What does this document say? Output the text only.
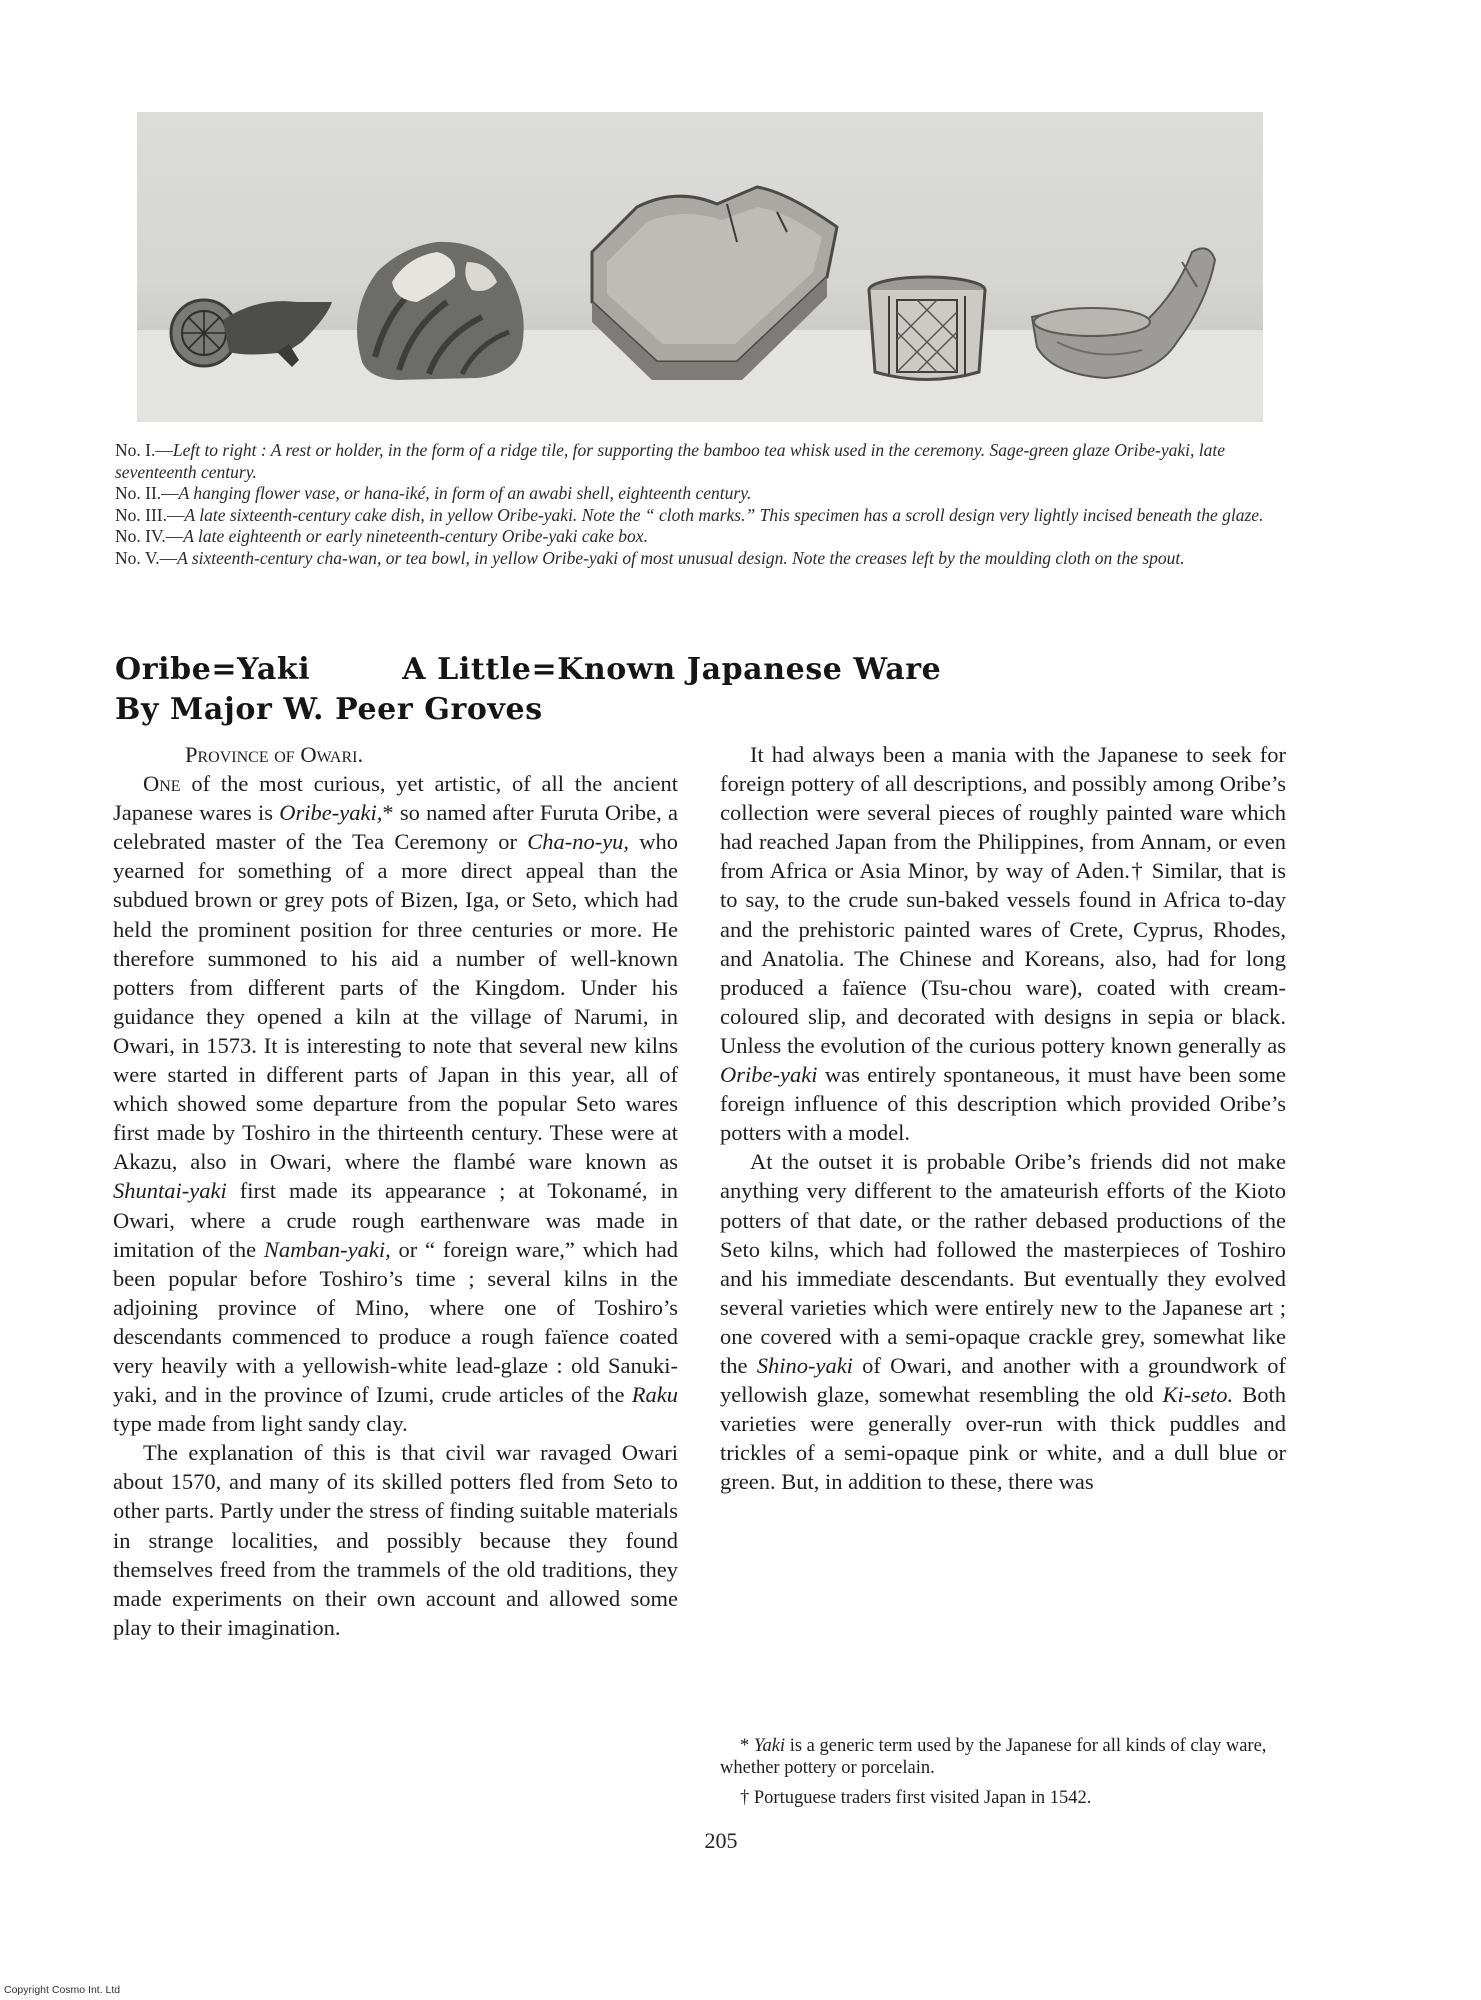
No. I.—Left to right : A rest or holder, in the form of a ridge tile, for supporting the bamboo tea whisk used in the ceremony. Sage-green glaze Oribe-yaki, late seventeenth century.

No. II.—A hanging flower vase, or hana-iké, in form of an awabi shell, eighteenth century.

No. III.—A late sixteenth-century cake dish, in yellow Oribe-yaki. Note the “ cloth marks.” This specimen has a scroll design very lightly incised beneath the glaze.

No. IV.—A late eighteenth or early nineteenth-century Oribe-yaki cake box.

No. V.—A sixteenth-century cha-wan, or tea bowl, in yellow Oribe-yaki of most unusual design. Note the creases left by the moulding cloth on the spout.

Oribe=Yaki	A Little=Known Japanese Ware
By Major W. Peer Groves

Province of Owari.

One of the most curious, yet artistic, of all the ancient Japanese wares is Oribe-yaki,* so named after Furuta Oribe, a celebrated master of the Tea Ceremony or Cha-no-yu, who yearned for something of a more direct appeal than the subdued brown or grey pots of Bizen, Iga, or Seto, which had held the prominent position for three centuries or more. He therefore summoned to his aid a number of well-known potters from different parts of the Kingdom. Under his guidance they opened a kiln at the village of Narumi, in Owari, in 1573. It is interesting to note that several new kilns were started in different parts of Japan in this year, all of which showed some departure from the popular Seto wares first made by Toshiro in the thirteenth century. These were at Akazu, also in Owari, where the flambé ware known as Shuntai-yaki first made its appearance ; at Tokonamé, in Owari, where a crude rough earthenware was made in imitation of the Namban-yaki, or “ foreign ware,” which had been popular before Toshiro’s time ; several kilns in the adjoining province of Mino, where one of Toshiro’s descendants commenced to produce a rough faïence coated very heavily with a yellowish-white lead-glaze : old Sanuki-yaki, and in the province of Izumi, crude articles of the Raku type made from light sandy clay.

The explanation of this is that civil war ravaged Owari about 1570, and many of its skilled potters fled from Seto to other parts. Partly under the stress of finding suitable materials in strange localities, and possibly because they found themselves freed from the trammels of the old traditions, they made experiments on their own account and allowed some play to their imagination.

It had always been a mania with the Japanese to seek for foreign pottery of all descriptions, and possibly among Oribe’s collection were several pieces of roughly painted ware which had reached Japan from the Philippines, from Annam, or even from Africa or Asia Minor, by way of Aden.† Similar, that is to say, to the crude sun-baked vessels found in Africa to-day and the prehistoric painted wares of Crete, Cyprus, Rhodes, and Anatolia. The Chinese and Koreans, also, had for long produced a faïence (Tsu-chou ware), coated with cream-coloured slip, and decorated with designs in sepia or black. Unless the evolution of the curious pottery known generally as Oribe-yaki was entirely spontaneous, it must have been some foreign influence of this description which provided Oribe’s potters with a model.

At the outset it is probable Oribe’s friends did not make anything very different to the amateurish efforts of the Kioto potters of that date, or the rather debased productions of the Seto kilns, which had followed the masterpieces of Toshiro and his immediate descendants. But eventually they evolved several varieties which were entirely new to the Japanese art ; one covered with a semi-opaque crackle grey, somewhat like the Shino-yaki of Owari, and another with a groundwork of yellowish glaze, somewhat resembling the old Ki-seto. Both varieties were generally over-run with thick puddles and trickles of a semi-opaque pink or white, and a dull blue or green. But, in addition to these, there was

* Yaki is a generic term used by the Japanese for all kinds of clay ware, whether pottery or porcelain.

† Portuguese traders first visited Japan in 1542.

205
Copyright Cosmo Int. Ltd
